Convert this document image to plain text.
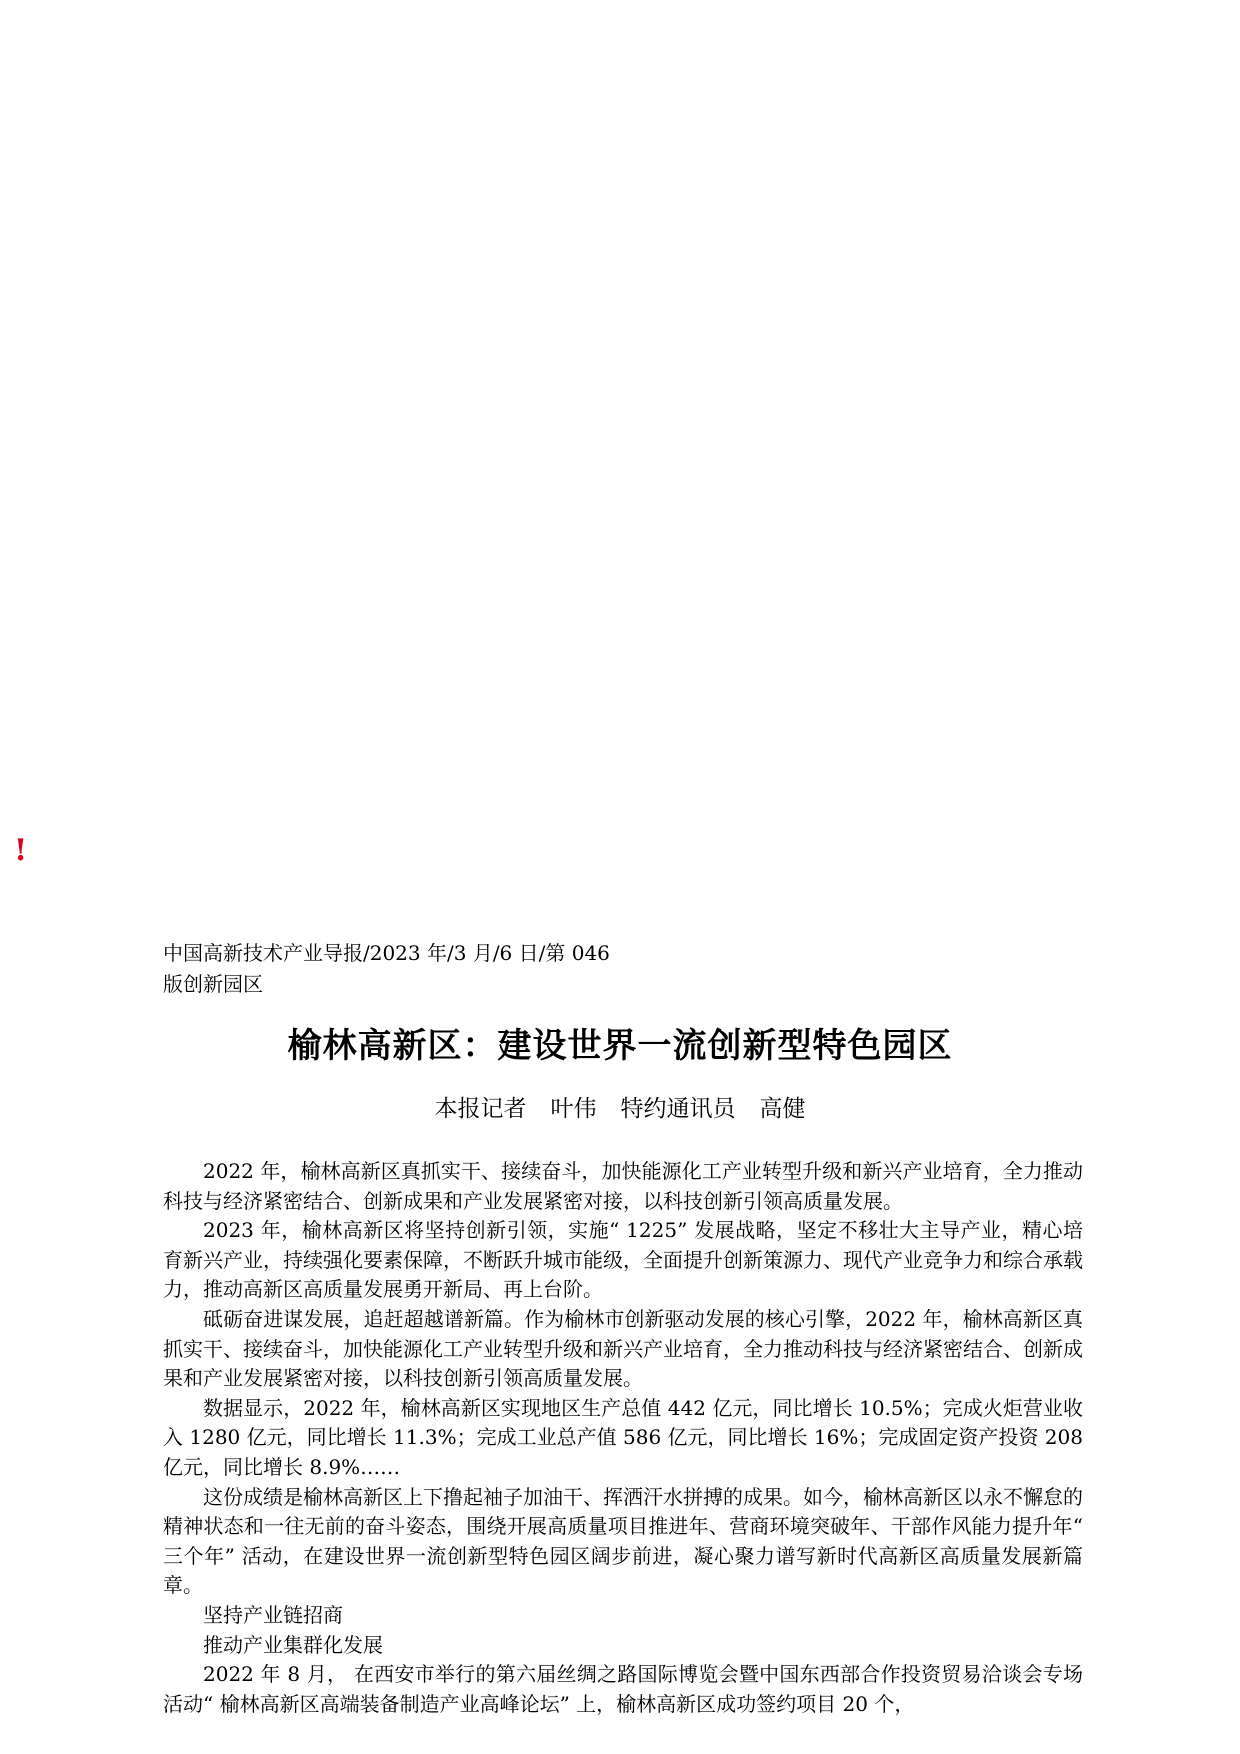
!
中国高新技术产业导报/2023 年/3 月/6 日/第 046
版创新园区
榆林高新区：建设世界一流创新型特色园区
本报记者 叶伟 特约通讯员 高健

2022 年，榆林高新区真抓实干、接续奋斗，加快能源化工产业转型升级和新兴产业培育，全力推动科技与经济紧密结合、创新成果和产业发展紧密对接，以科技创新引领高质量发展。

2023 年，榆林高新区将坚持创新引领，实施“ 1225” 发展战略，坚定不移壮大主导产业，精心培育新兴产业，持续强化要素保障，不断跃升城市能级，全面提升创新策源力、现代产业竞争力和综合承载力，推动高新区高质量发展勇开新局、再上台阶。

砥砺奋进谋发展，追赶超越谱新篇。作为榆林市创新驱动发展的核心引擎，2022 年，榆林高新区真抓实干、接续奋斗，加快能源化工产业转型升级和新兴产业培育，全力推动科技与经济紧密结合、创新成果和产业发展紧密对接，以科技创新引领高质量发展。

数据显示，2022 年，榆林高新区实现地区生产总值 442 亿元，同比增长 10.5%；完成火炬营业收入 1280 亿元，同比增长 11.3%；完成工业总产值 586 亿元，同比增长 16%；完成固定资产投资 208 亿元，同比增长 8.9%……

这份成绩是榆林高新区上下撸起袖子加油干、挥洒汗水拼搏的成果。如今，榆林高新区以永不懈怠的精神状态和一往无前的奋斗姿态，围绕开展高质量项目推进年、营商环境突破年、干部作风能力提升年“ 三个年” 活动，在建设世界一流创新型特色园区阔步前进，凝心聚力谱写新时代高新区高质量发展新篇章。

坚持产业链招商

推动产业集群化发展

2022 年 8 月， 在西安市举行的第六届丝绸之路国际博览会暨中国东西部合作投资贸易洽谈会专场活动“ 榆林高新区高端装备制造产业高峰论坛” 上，榆林高新区成功签约项目 20 个，
